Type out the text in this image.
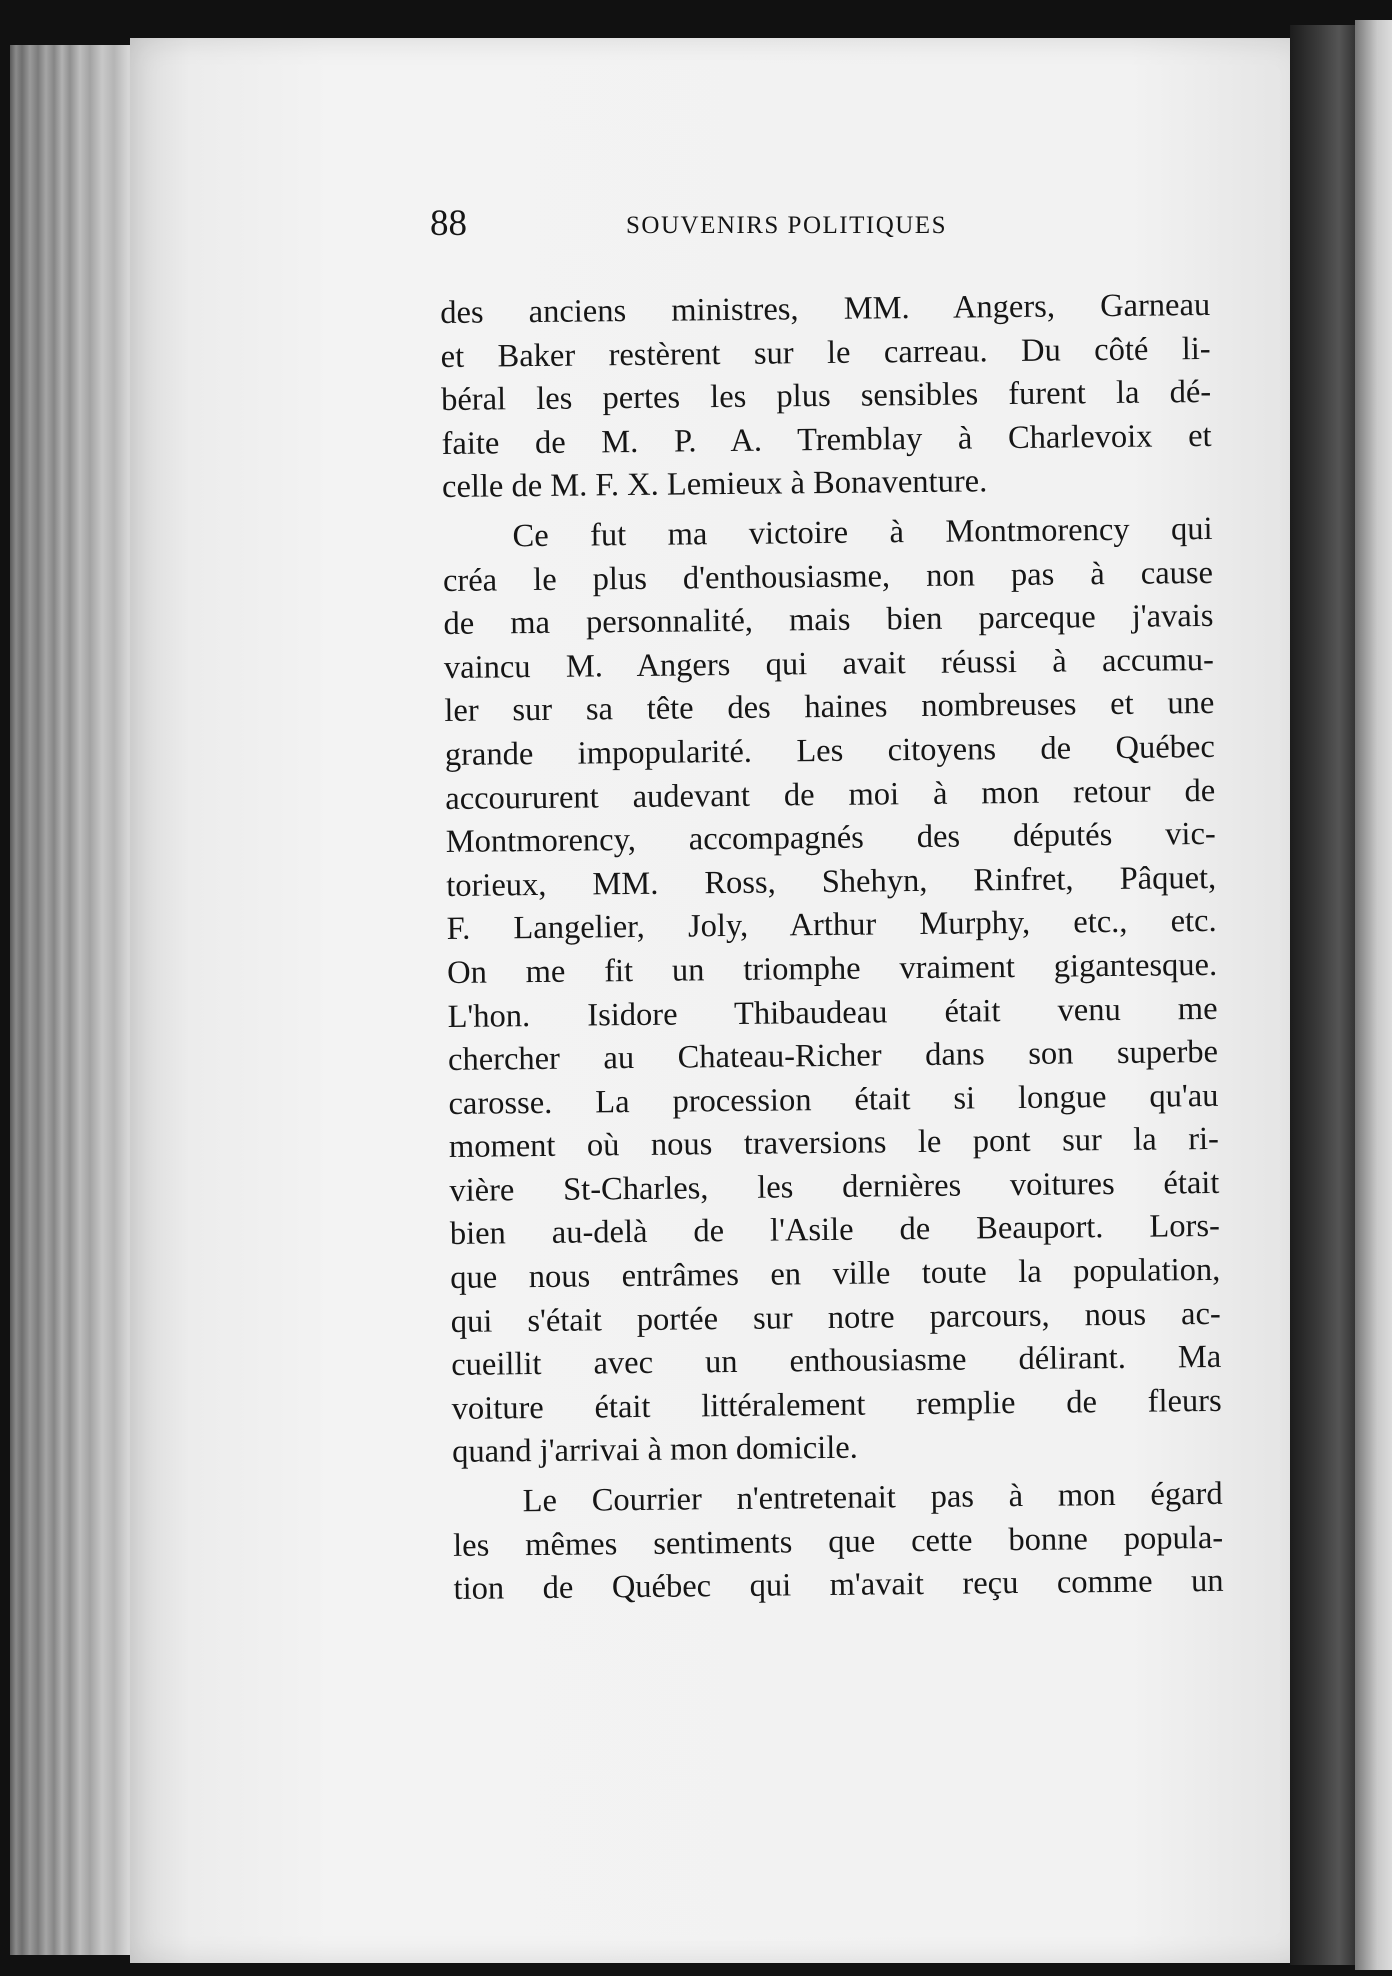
88	SOUVENIRS POLITIQUES
des anciens ministres, MM. Angers, Garneau
et Baker restèrent sur le carreau. Du côté li-
béral les pertes les plus sensibles furent la dé-
faite de M. P. A. Tremblay à Charlevoix et
celle de M. F. X. Lemieux à Bonaventure.
Ce fut ma victoire à Montmorency qui
créa le plus d'enthousiasme, non pas à cause
de ma personnalité, mais bien parceque j'avais
vaincu M. Angers qui avait réussi à accumu-
ler sur sa tête des haines nombreuses et une
grande impopularité. Les citoyens de Québec
accoururent audevant de moi à mon retour de
Montmorency, accompagnés des députés vic-
torieux, MM. Ross, Shehyn, Rinfret, Pâquet,
F. Langelier, Joly, Arthur Murphy, etc., etc.
On me fit un triomphe vraiment gigantesque.
L'hon. Isidore Thibaudeau était venu me
chercher au Chateau-Richer dans son superbe
carosse. La procession était si longue qu'au
moment où nous traversions le pont sur la ri-
vière St-Charles, les dernières voitures était
bien au-delà de l'Asile de Beauport. Lors-
que nous entrâmes en ville toute la population,
qui s'était portée sur notre parcours, nous ac-
cueillit avec un enthousiasme délirant. Ma
voiture était littéralement remplie de fleurs
quand j'arrivai à mon domicile.
Le Courrier n'entretenait pas à mon égard
les mêmes sentiments que cette bonne popula-
tion de Québec qui m'avait reçu comme un
